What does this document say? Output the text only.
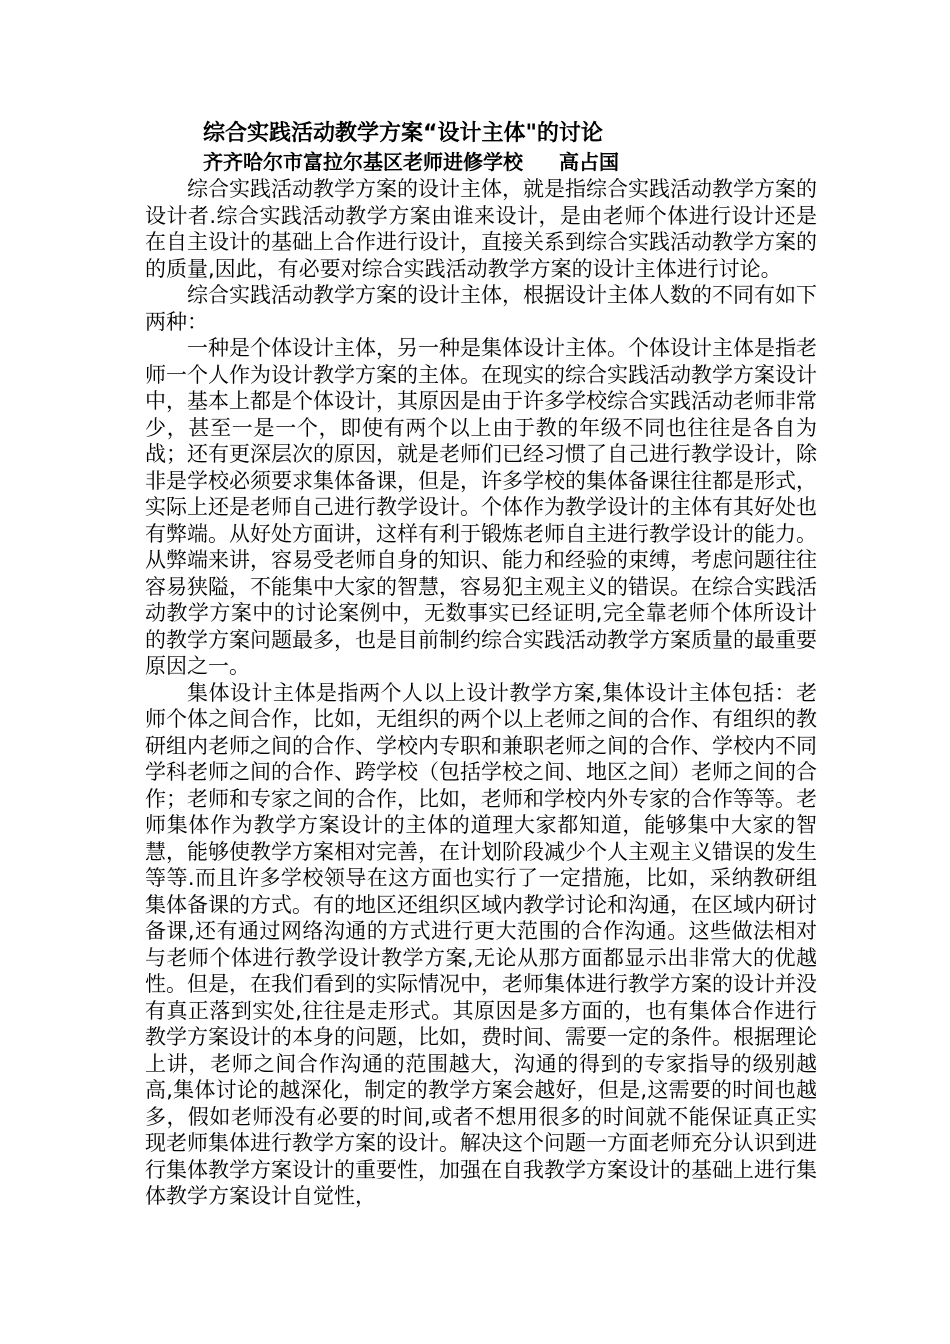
综合实践活动教学方案“设计主体"的讨论
齐齐哈尔市富拉尔基区老师进修学校 高占国

综合实践活动教学方案的设计主体，就是指综合实践活动教学方案的设计者.综合实践活动教学方案由谁来设计，是由老师个体进行设计还是在自主设计的基础上合作进行设计，直接关系到综合实践活动教学方案的的质量,因此，有必要对综合实践活动教学方案的设计主体进行讨论。

综合实践活动教学方案的设计主体，根据设计主体人数的不同有如下两种：

一种是个体设计主体，另一种是集体设计主体。个体设计主体是指老师一个人作为设计教学方案的主体。在现实的综合实践活动教学方案设计中，基本上都是个体设计，其原因是由于许多学校综合实践活动老师非常少，甚至一是一个，即使有两个以上由于教的年级不同也往往是各自为战；还有更深层次的原因，就是老师们已经习惯了自己进行教学设计，除非是学校必须要求集体备课，但是，许多学校的集体备课往往都是形式，实际上还是老师自己进行教学设计。个体作为教学设计的主体有其好处也有弊端。从好处方面讲，这样有利于锻炼老师自主进行教学设计的能力。从弊端来讲，容易受老师自身的知识、能力和经验的束缚，考虑问题往往容易狭隘，不能集中大家的智慧，容易犯主观主义的错误。在综合实践活动教学方案中的讨论案例中，无数事实已经证明,完全靠老师个体所设计的教学方案问题最多，也是目前制约综合实践活动教学方案质量的最重要原因之一。

集体设计主体是指两个人以上设计教学方案,集体设计主体包括：老师个体之间合作，比如，无组织的两个以上老师之间的合作、有组织的教研组内老师之间的合作、学校内专职和兼职老师之间的合作、学校内不同学科老师之间的合作、跨学校（包括学校之间、地区之间）老师之间的合作；老师和专家之间的合作，比如，老师和学校内外专家的合作等等。老师集体作为教学方案设计的主体的道理大家都知道，能够集中大家的智慧，能够使教学方案相对完善，在计划阶段减少个人主观主义错误的发生等等.而且许多学校领导在这方面也实行了一定措施，比如，采纳教研组集体备课的方式。有的地区还组织区域内教学讨论和沟通，在区域内研讨备课,还有通过网络沟通的方式进行更大范围的合作沟通。这些做法相对与老师个体进行教学设计教学方案,无论从那方面都显示出非常大的优越性。但是，在我们看到的实际情况中，老师集体进行教学方案的设计并没有真正落到实处,往往是走形式。其原因是多方面的，也有集体合作进行教学方案设计的本身的问题，比如，费时间、需要一定的条件。根据理论上讲，老师之间合作沟通的范围越大，沟通的得到的专家指导的级别越高,集体讨论的越深化，制定的教学方案会越好，但是,这需要的时间也越多，假如老师没有必要的时间,或者不想用很多的时间就不能保证真正实现老师集体进行教学方案的设计。解决这个问题一方面老师充分认识到进行集体教学方案设计的重要性，加强在自我教学方案设计的基础上进行集体教学方案设计自觉性，
